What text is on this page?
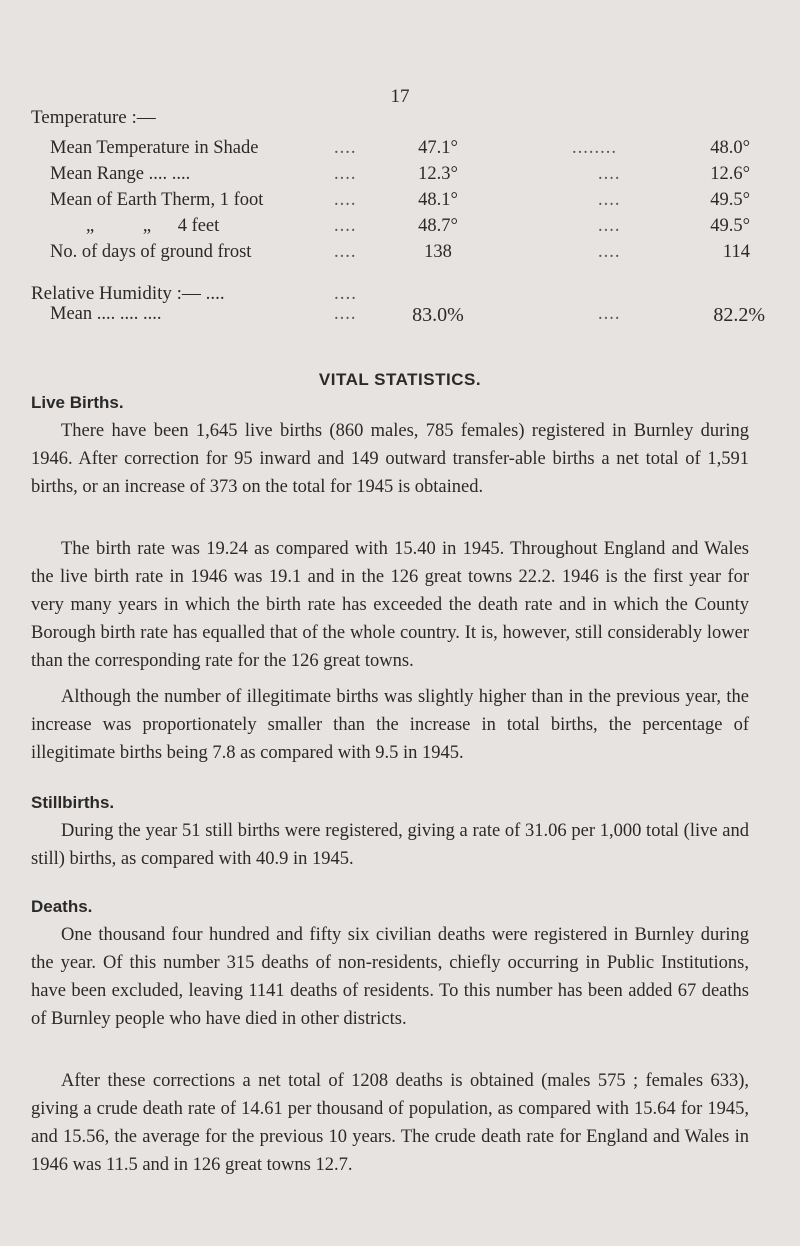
17
Temperature :—
Mean Temperature in Shade	....	47.1°	........	48.0°
Mean Range .... ....	....	12.3°	....	12.6°
Mean of Earth Therm, 1 foot	....	48.1°	....	49.5°
„ „ 4 feet	....	48.7°	....	49.5°
No. of days of ground frost	....	138	....	114
Relative Humidity :— ....	....
Mean .... .... ....	....	83.0%	....	82.2%
VITAL STATISTICS.
Live Births.

There have been 1,645 live births (860 males, 785 females) registered in Burnley during 1946. After correction for 95 inward and 149 outward transfer-able births a net total of 1,591 births, or an increase of 373 on the total for 1945 is obtained.

The birth rate was 19.24 as compared with 15.40 in 1945. Throughout England and Wales the live birth rate in 1946 was 19.1 and in the 126 great towns 22.2. 1946 is the first year for very many years in which the birth rate has exceeded the death rate and in which the County Borough birth rate has equalled that of the whole country. It is, however, still considerably lower than the corresponding rate for the 126 great towns.

Although the number of illegitimate births was slightly higher than in the previous year, the increase was proportionately smaller than the increase in total births, the percentage of illegitimate births being 7.8 as compared with 9.5 in 1945.

Stillbirths.

During the year 51 still births were registered, giving a rate of 31.06 per 1,000 total (live and still) births, as compared with 40.9 in 1945.

Deaths.

One thousand four hundred and fifty six civilian deaths were registered in Burnley during the year. Of this number 315 deaths of non-residents, chiefly occurring in Public Institutions, have been excluded, leaving 1141 deaths of residents. To this number has been added 67 deaths of Burnley people who have died in other districts.

After these corrections a net total of 1208 deaths is obtained (males 575 ; females 633), giving a crude death rate of 14.61 per thousand of population, as compared with 15.64 for 1945, and 15.56, the average for the previous 10 years. The crude death rate for England and Wales in 1946 was 11.5 and in 126 great towns 12.7.
